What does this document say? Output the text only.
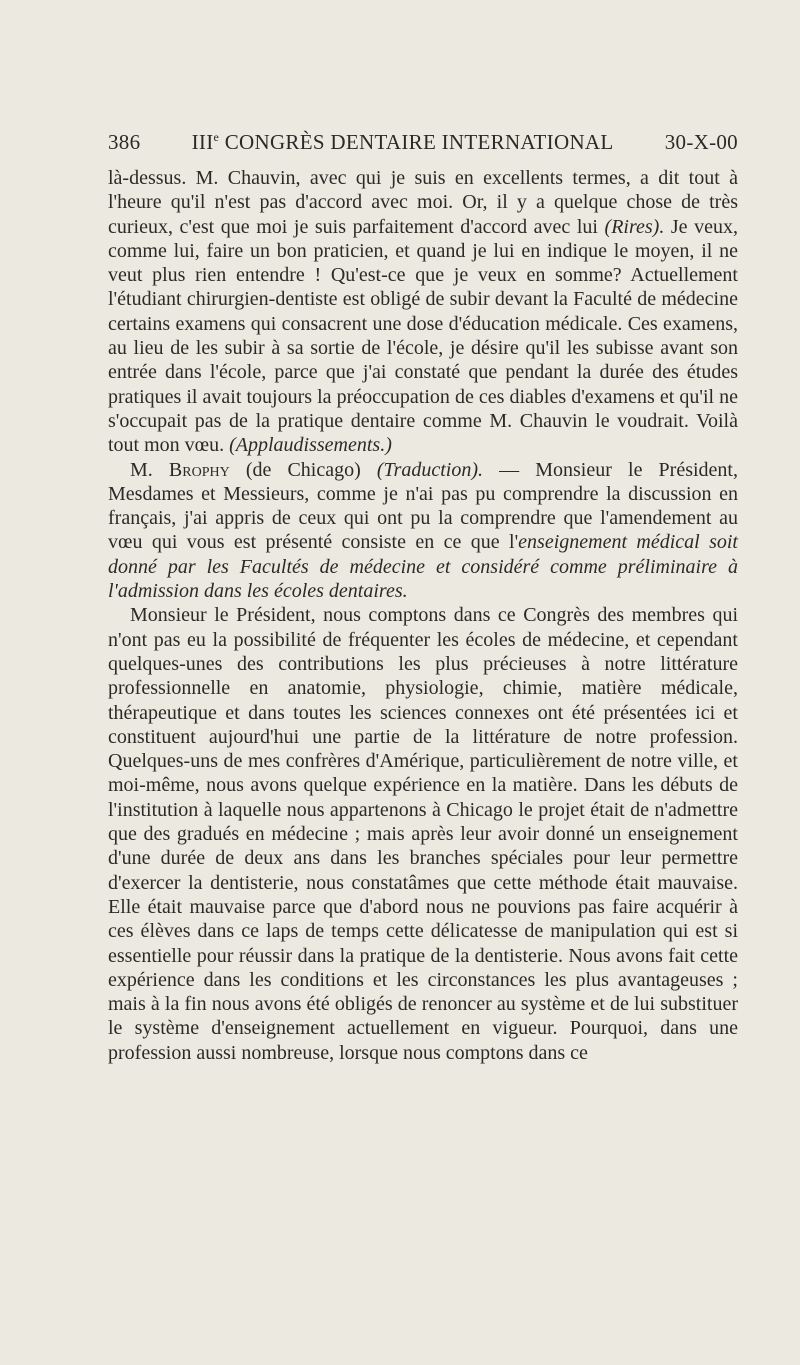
386	IIIe CONGRÈS DENTAIRE INTERNATIONAL	30-X-00

là-dessus. M. Chauvin, avec qui je suis en excellents termes, a dit tout à l'heure qu'il n'est pas d'accord avec moi. Or, il y a quelque chose de très curieux, c'est que moi je suis parfaitement d'accord avec lui (Rires). Je veux, comme lui, faire un bon praticien, et quand je lui en indique le moyen, il ne veut plus rien entendre ! Qu'est-ce que je veux en somme? Actuellement l'étudiant chirurgien-dentiste est obligé de subir devant la Faculté de médecine certains examens qui consacrent une dose d'éducation médicale. Ces examens, au lieu de les subir à sa sortie de l'école, je désire qu'il les subisse avant son entrée dans l'école, parce que j'ai constaté que pendant la durée des études pratiques il avait toujours la préoccupation de ces diables d'examens et qu'il ne s'occupait pas de la pratique dentaire comme M. Chauvin le voudrait. Voilà tout mon vœu. (Applaudissements.)

M. Brophy (de Chicago) (Traduction). — Monsieur le Président, Mesdames et Messieurs, comme je n'ai pas pu comprendre la discussion en français, j'ai appris de ceux qui ont pu la comprendre que l'amendement au vœu qui vous est présenté consiste en ce que l'enseignement médical soit donné par les Facultés de médecine et considéré comme préliminaire à l'admission dans les écoles dentaires.

Monsieur le Président, nous comptons dans ce Congrès des membres qui n'ont pas eu la possibilité de fréquenter les écoles de médecine, et cependant quelques-unes des contributions les plus précieuses à notre littérature professionnelle en anatomie, physiologie, chimie, matière médicale, thérapeutique et dans toutes les sciences connexes ont été présentées ici et constituent aujourd'hui une partie de la littérature de notre profession. Quelques-uns de mes confrères d'Amérique, particulièrement de notre ville, et moi-même, nous avons quelque expérience en la matière. Dans les débuts de l'institution à laquelle nous appartenons à Chicago le projet était de n'admettre que des gradués en médecine ; mais après leur avoir donné un enseignement d'une durée de deux ans dans les branches spéciales pour leur permettre d'exercer la dentisterie, nous constatâmes que cette méthode était mauvaise. Elle était mauvaise parce que d'abord nous ne pouvions pas faire acquérir à ces élèves dans ce laps de temps cette délicatesse de manipulation qui est si essentielle pour réussir dans la pratique de la dentisterie. Nous avons fait cette expérience dans les conditions et les circonstances les plus avantageuses ; mais à la fin nous avons été obligés de renoncer au système et de lui substituer le système d'enseignement actuellement en vigueur. Pourquoi, dans une profession aussi nombreuse, lorsque nous comptons dans ce
